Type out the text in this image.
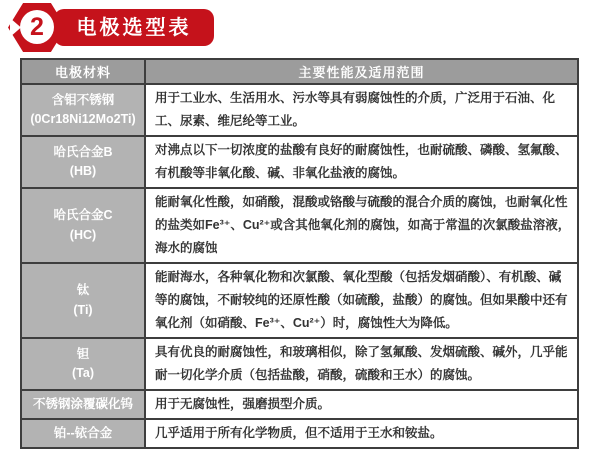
电极选型表
2
电极材料	主要性能及适用范围
含钼不锈钢
(0Cr18Ni12Mo2Ti)	用于工业水、生活用水、污水等具有弱腐蚀性的介质，广泛用于石油、化工、尿素、维尼纶等工业。
哈氏合金B
(HB)	对沸点以下一切浓度的盐酸有良好的耐腐蚀性，也耐硫酸、磷酸、氢氟酸、有机酸等非氧化酸、碱、非氧化盐液的腐蚀。
哈氏合金C
(HC)	能耐氧化性酸，如硝酸，混酸或铬酸与硫酸的混合介质的腐蚀，也耐氧化性的盐类如Fe³⁺、Cu²⁺或含其他氧化剂的腐蚀，如高于常温的次氯酸盐溶液，海水的腐蚀
钛
(Ti)	能耐海水，各种氧化物和次氯酸、氧化型酸（包括发烟硝酸）、有机酸、碱等的腐蚀，不耐较纯的还原性酸（如硫酸，盐酸）的腐蚀。但如果酸中还有氧化剂（如硝酸、Fe³⁺、Cu²⁺）时，腐蚀性大为降低。
钽
(Ta)	具有优良的耐腐蚀性，和玻璃相似，除了氢氟酸、发烟硫酸、碱外，几乎能耐一切化学介质（包括盐酸，硝酸，硫酸和王水）的腐蚀。
不锈钢涂覆碳化钨	用于无腐蚀性，强磨损型介质。
铂--铱合金	几乎适用于所有化学物质，但不适用于王水和铵盐。
